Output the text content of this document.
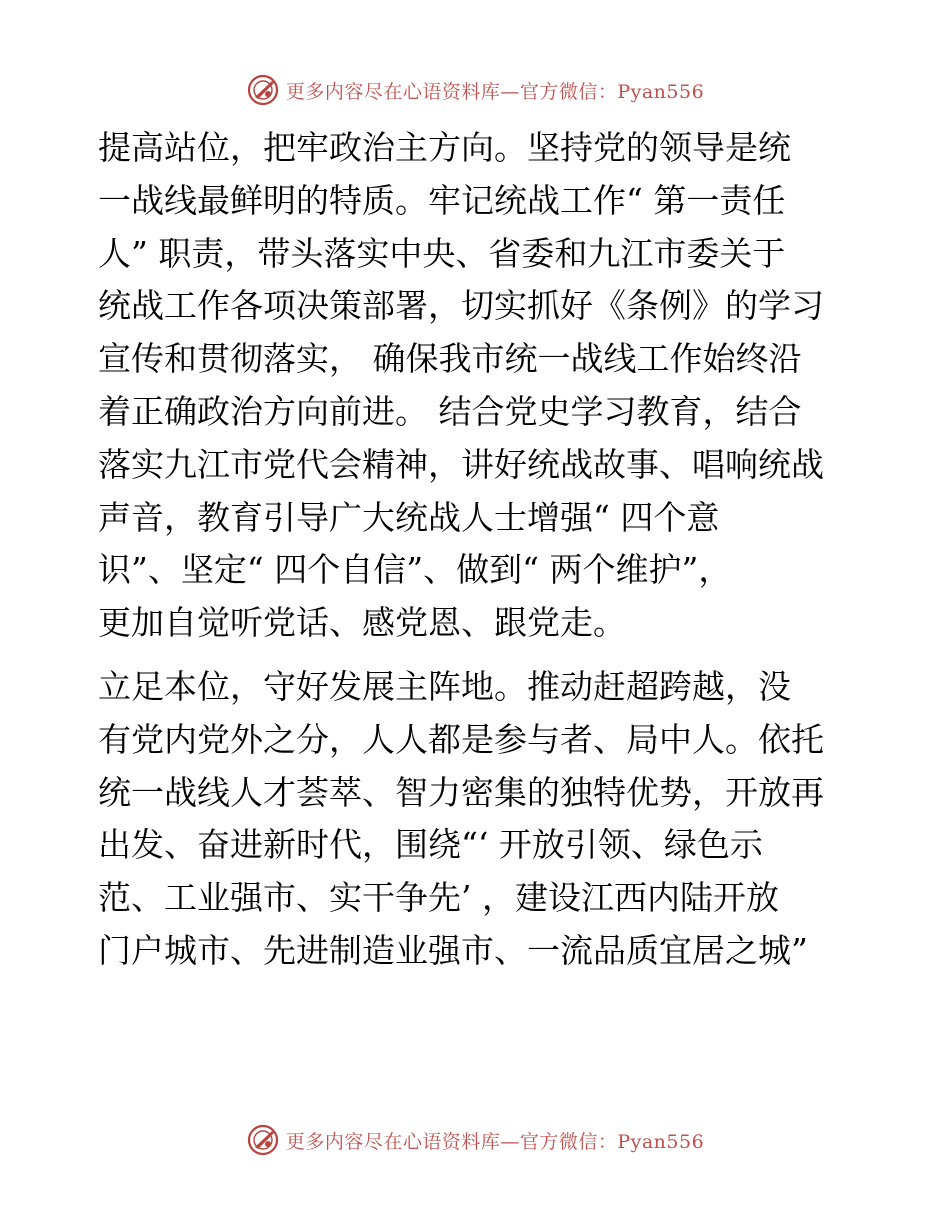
更多内容尽在心语资料库—官方微信：Pyan556
提高站位，把牢政治主方向。坚持党的领导是统
一战线最鲜明的特质。牢记统战工作“ 第一责任
人” 职责，带头落实中央、省委和九江市委关于
统战工作各项决策部署，切实抓好《条例》的学习
宣传和贯彻落实， 确保我市统一战线工作始终沿
着正确政治方向前进。 结合党史学习教育，结合
落实九江市党代会精神，讲好统战故事、唱响统战
声音，教育引导广大统战人士增强“ 四个意
识”、坚定“ 四个自信”、做到“ 两个维护”，
更加自觉听党话、感党恩、跟党走。
立足本位，守好发展主阵地。推动赶超跨越，没
有党内党外之分，人人都是参与者、局中人。依托
统一战线人才荟萃、智力密集的独特优势，开放再
出发、奋进新时代，围绕“‘ 开放引领、绿色示
范、工业强市、实干争先’ ，建设江西内陆开放
门户城市、先进制造业强市、一流品质宜居之城”
更多内容尽在心语资料库—官方微信：Pyan556
